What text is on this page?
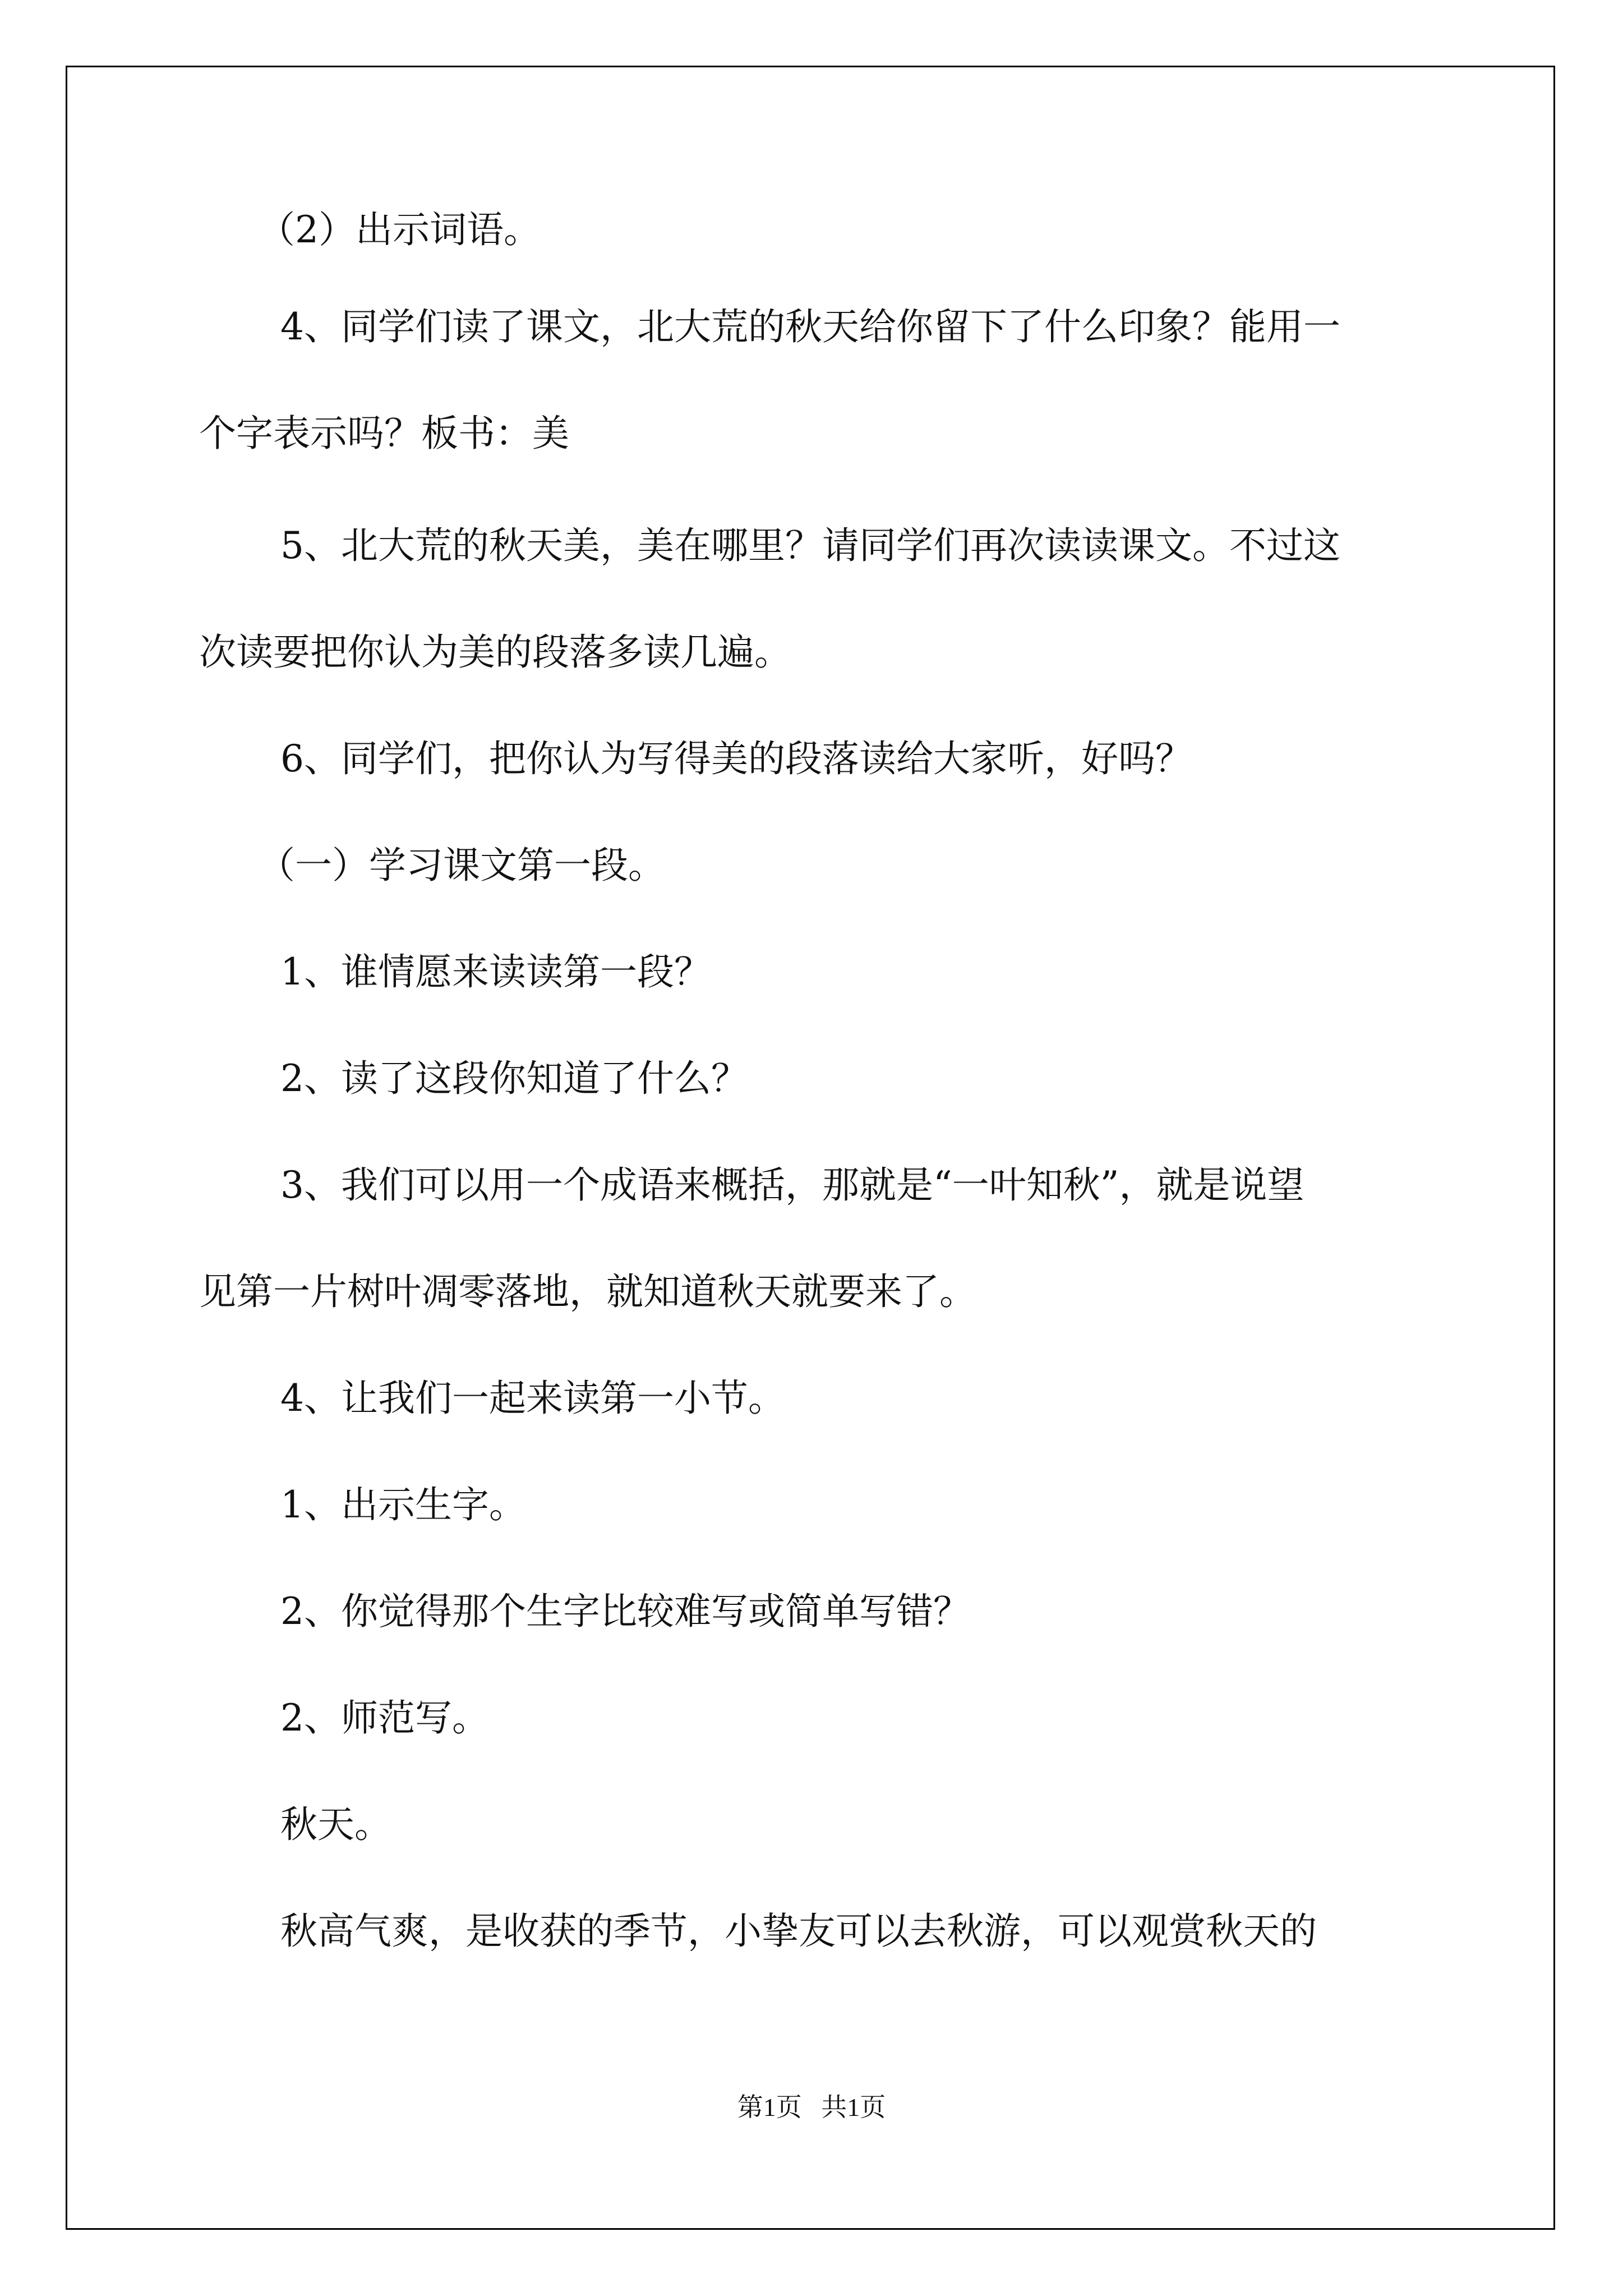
（2）出示词语。
4、同学们读了课文，北大荒的秋天给你留下了什么印象？能用一
个字表示吗？板书：美
5、北大荒的秋天美，美在哪里？请同学们再次读读课文。不过这
次读要把你认为美的段落多读几遍。
6、同学们，把你认为写得美的段落读给大家听，好吗？
（一）学习课文第一段。
1、谁情愿来读读第一段？
2、读了这段你知道了什么？
3、我们可以用一个成语来概括，那就是“一叶知秋”，就是说望
见第一片树叶凋零落地，就知道秋天就要来了。
4、让我们一起来读第一小节。
1、出示生字。
2、你觉得那个生字比较难写或简单写错？
2、师范写。
秋天。
秋高气爽，是收获的季节，小挚友可以去秋游，可以观赏秋天的
第1页   共1页
